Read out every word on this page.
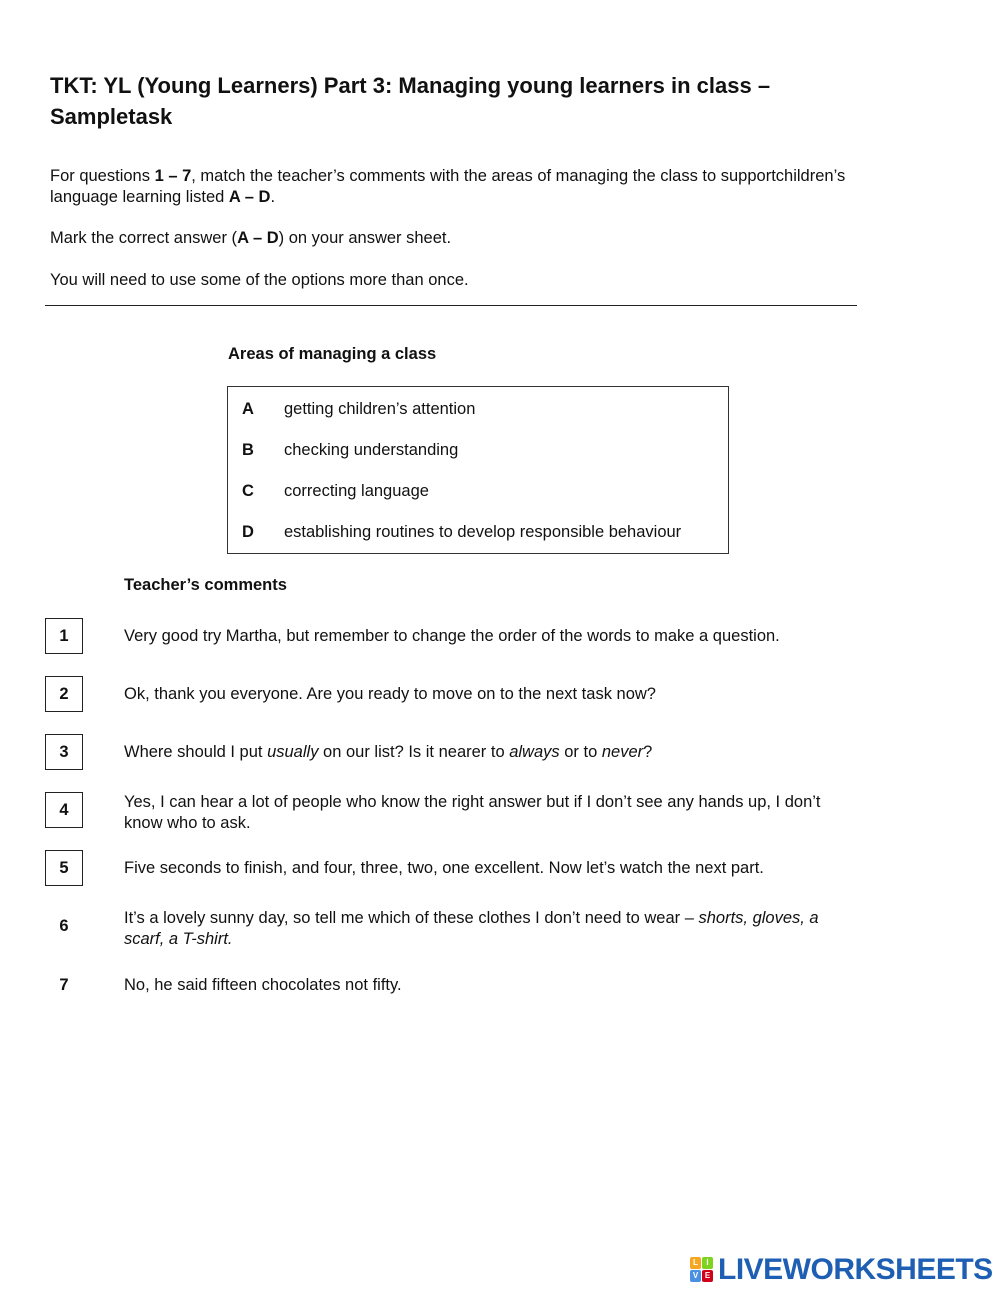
TKT: YL (Young Learners) Part 3: Managing young learners in class – Sampletask

For questions 1 – 7, match the teacher’s comments with the areas of managing the class to supportchildren’s language learning listed A – D.

Mark the correct answer (A – D) on your answer sheet.

You will need to use some of the options more than once.

Areas of managing a class
A getting children’s attention
B checking understanding
C correcting language
D establishing routines to develop responsible behaviour
Teacher’s comments
1	Very good try Martha, but remember to change the order of the words to make a question.
2	Ok, thank you everyone. Are you ready to move on to the next task now?
3	Where should I put usually on our list? Is it nearer to always or to never?
4	Yes, I can hear a lot of people who know the right answer but if I don’t see any hands up, I don’t know who to ask.
5	Five seconds to finish, and four, three, two, one excellent. Now let’s watch the next part.
6	It’s a lovely sunny day, so tell me which of these clothes I don’t need to wear – shorts, gloves, a scarf, a T-shirt.
7	No, he said fifteen chocolates not fifty.
L	I
V E LIVEWORKSHEETS
